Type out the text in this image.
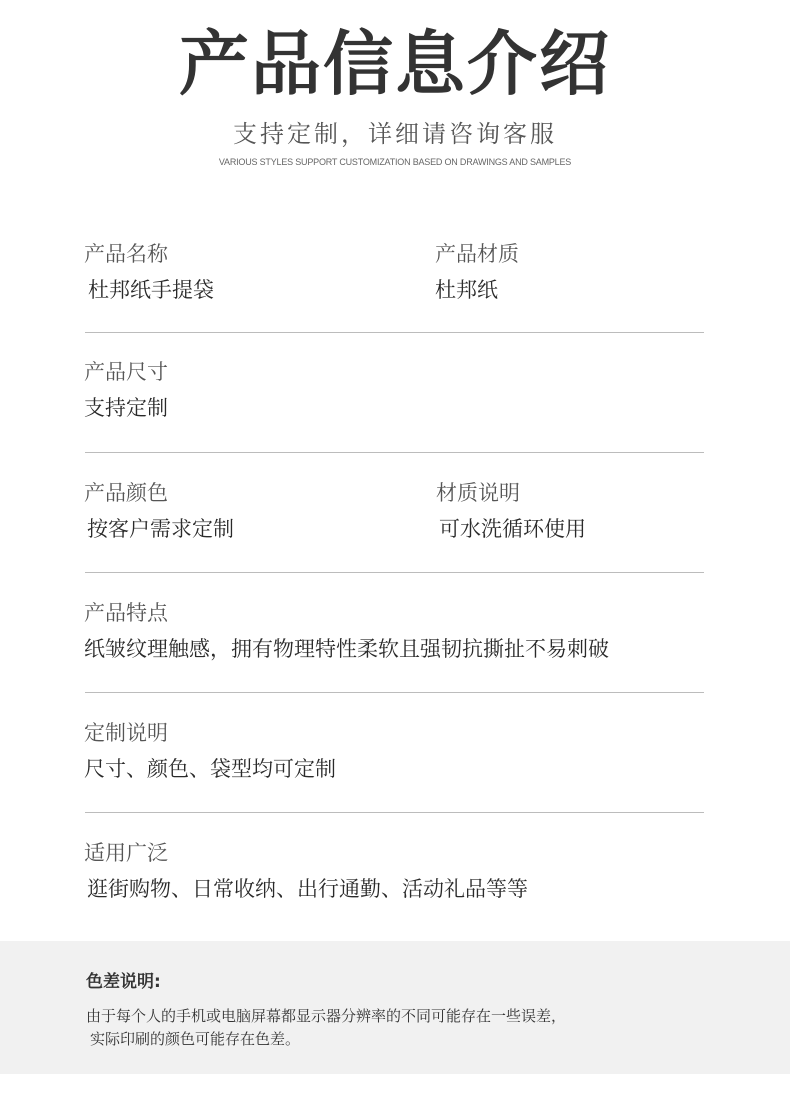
产品信息介绍
支持定制，详细请咨询客服
VARIOUS STYLES SUPPORT CUSTOMIZATION BASED ON DRAWINGS AND SAMPLES
产品名称
杜邦纸手提袋
产品材质
杜邦纸
产品尺寸
支持定制
产品颜色
按客户需求定制
材质说明
可水洗循环使用
产品特点
纸皱纹理触感，拥有物理特性柔软且强韧抗撕扯不易刺破
定制说明
尺寸、颜色、袋型均可定制
适用广泛
逛街购物、日常收纳、出行通勤、活动礼品等等
色差说明:
由于每个人的手机或电脑屏幕都显示器分辨率的不同可能存在一些误差，
实际印刷的颜色可能存在色差。
